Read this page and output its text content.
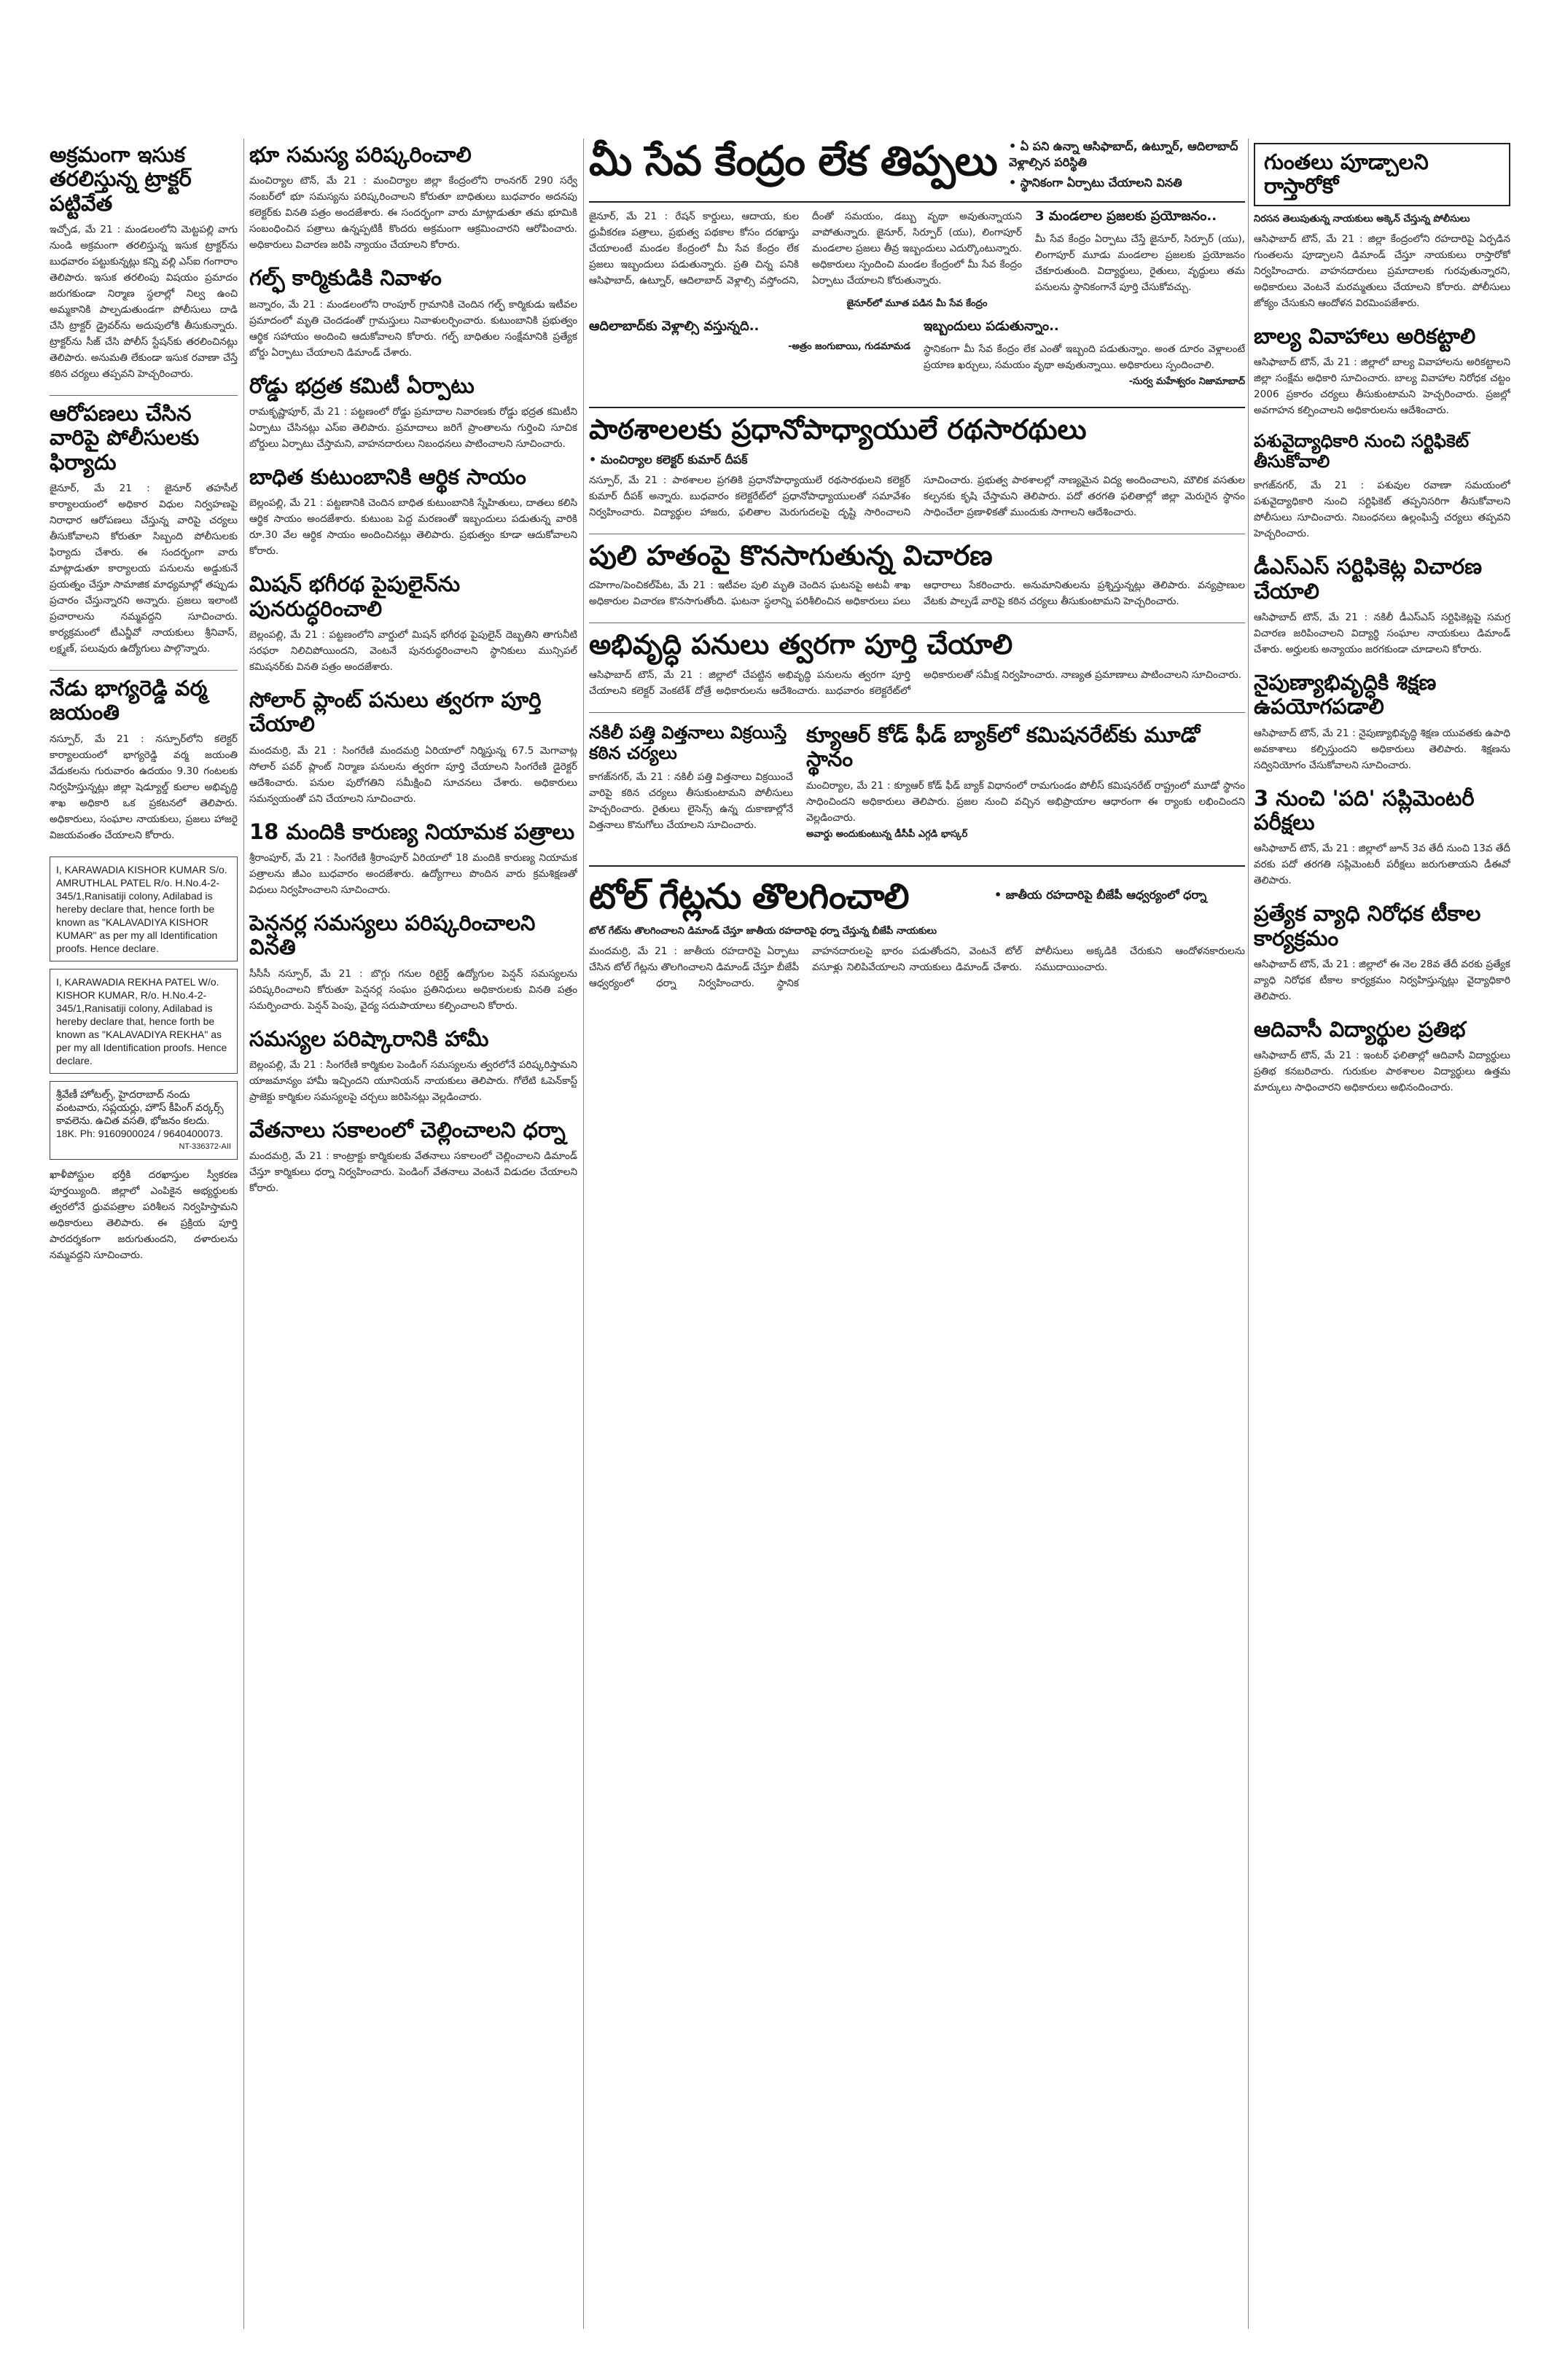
అక్రమంగా ఇసుక తరలిస్తున్న ట్రాక్టర్ పట్టివేత

ఇచ్చోడ, మే 21 : మండలంలోని మెట్టపల్లి వాగు నుండి అక్రమంగా తరలిస్తున్న ఇసుక ట్రాక్టర్‌ను బుధవారం పట్టుకున్నట్లు కన్ని వల్లి ఎస్ఐ గంగారాం తెలిపారు. ఇసుక తరలింపు విషయం ప్రమాదం జరుగకుండా నిర్మాణ స్థలాల్లో నిల్వ ఉంచి అమ్మకానికి పాల్పడుతుండగా పోలీసులు దాడి చేసి ట్రాక్టర్ డ్రైవర్‌ను అదుపులోకి తీసుకున్నారు. ట్రాక్టర్‌ను సీజ్ చేసి పోలీస్ స్టేషన్‌కు తరలించినట్లు తెలిపారు. అనుమతి లేకుండా ఇసుక రవాణా చేస్తే కఠిన చర్యలు తప్పవని హెచ్చరించారు.

ఆరోపణలు చేసిన వారిపై పోలీసులకు ఫిర్యాదు

జైనూర్, మే 21 : జైనూర్ తహసీల్ కార్యాలయంలో అధికార విధుల నిర్వహణపై నిరాధార ఆరోపణలు చేస్తున్న వారిపై చర్యలు తీసుకోవాలని కోరుతూ సిబ్బంది పోలీసులకు ఫిర్యాదు చేశారు. ఈ సందర్భంగా వారు మాట్లాడుతూ కార్యాలయ పనులను అడ్డుకునే ప్రయత్నం చేస్తూ సామాజిక మాధ్యమాల్లో తప్పుడు ప్రచారం చేస్తున్నారని అన్నారు. ప్రజలు ఇలాంటి ప్రచారాలను నమ్మవద్దని సూచించారు. కార్యక్రమంలో టీఎన్జీవో నాయకులు శ్రీనివాస్, లక్ష్మణ్, పలువురు ఉద్యోగులు పాల్గొన్నారు.

నేడు భాగ్యరెడ్డి వర్మ జయంతి

నస్పూర్, మే 21 : నస్పూర్‌లోని కలెక్టర్ కార్యాలయంలో భాగ్యరెడ్డి వర్మ జయంతి వేడుకలను గురువారం ఉదయం 9.30 గంటలకు నిర్వహిస్తున్నట్లు జిల్లా షెడ్యూల్డ్ కులాల అభివృద్ధి శాఖ అధికారి ఒక ప్రకటనలో తెలిపారు. అధికారులు, సంఘాల నాయకులు, ప్రజలు హాజరై విజయవంతం చేయాలని కోరారు.

I, KARAWADIA KISHOR KUMAR S/o. AMRUTHLAL PATEL R/o. H.No.4-2-345/1,Ranisatiji colony, Adilabad is hereby declare that, hence forth be known as "KALAVADIYA KISHOR KUMAR" as per my all Identification proofs. Hence declare.

I, KARAWADIA REKHA PATEL W/o. KISHOR KUMAR, R/o. H.No.4-2-345/1,Ranisatiji colony, Adilabad is hereby declare that, hence forth be known as "KALAVADIYA REKHA" as per my all Identification proofs. Hence declare.

శ్రీవేణీ హోటల్స్, హైదరాబాద్ నందు వంటవారు, సప్లయర్లు, హౌస్ కీపింగ్ వర్కర్స్ కావలెను. ఉచిత వసతి, భోజనం కలదు. 18K. Ph: 9160900024 / 9640400073.

NT-336372-AII

ఖాళీపోస్టుల భర్తీకి దరఖాస్తుల స్వీకరణ పూర్తయ్యింది. జిల్లాలో ఎంపికైన అభ్యర్థులకు త్వరలోనే ధ్రువపత్రాల పరిశీలన నిర్వహిస్తామని అధికారులు తెలిపారు. ఈ ప్రక్రియ పూర్తి పారదర్శకంగా జరుగుతుందని, దళారులను నమ్మవద్దని సూచించారు.

భూ సమస్య పరిష్కరించాలి

మంచిర్యాల టౌన్, మే 21 : మంచిర్యాల జిల్లా కేంద్రంలోని రాంనగర్ 290 సర్వే నంబర్‌లో భూ సమస్యను పరిష్కరించాలని కోరుతూ బాధితులు బుధవారం అదనపు కలెక్టర్‌కు వినతి పత్రం అందజేశారు. ఈ సందర్భంగా వారు మాట్లాడుతూ తమ భూమికి సంబంధించిన పత్రాలు ఉన్నప్పటికీ కొందరు అక్రమంగా ఆక్రమించారని ఆరోపించారు. అధికారులు విచారణ జరిపి న్యాయం చేయాలని కోరారు.

గల్ఫ్ కార్మికుడికి నివాళం

జన్నారం, మే 21 : మండలంలోని రాంపూర్ గ్రామానికి చెందిన గల్ఫ్ కార్మికుడు ఇటీవల ప్రమాదంలో మృతి చెందడంతో గ్రామస్తులు నివాళులర్పించారు. కుటుంబానికి ప్రభుత్వం ఆర్థిక సహాయం అందించి ఆదుకోవాలని కోరారు. గల్ఫ్ బాధితుల సంక్షేమానికి ప్రత్యేక బోర్డు ఏర్పాటు చేయాలని డిమాండ్ చేశారు.

రోడ్డు భద్రత కమిటీ ఏర్పాటు

రామకృష్ణాపూర్, మే 21 : పట్టణంలో రోడ్డు ప్రమాదాల నివారణకు రోడ్డు భద్రత కమిటీని ఏర్పాటు చేసినట్లు ఎస్ఐ తెలిపారు. ప్రమాదాలు జరిగే ప్రాంతాలను గుర్తించి సూచిక బోర్డులు ఏర్పాటు చేస్తామని, వాహనదారులు నిబంధనలు పాటించాలని సూచించారు.

బాధిత కుటుంబానికి ఆర్థిక సాయం

బెల్లంపల్లి, మే 21 : పట్టణానికి చెందిన బాధిత కుటుంబానికి స్నేహితులు, దాతలు కలిసి ఆర్థిక సాయం అందజేశారు. కుటుంబ పెద్ద మరణంతో ఇబ్బందులు పడుతున్న వారికి రూ.30 వేల ఆర్థిక సాయం అందించినట్లు తెలిపారు. ప్రభుత్వం కూడా ఆదుకోవాలని కోరారు.

మిషన్ భగీరథ పైపులైన్‌ను పునరుద్ధరించాలి

బెల్లంపల్లి, మే 21 : పట్టణంలోని వార్డులో మిషన్ భగీరథ పైపులైన్ దెబ్బతిని తాగునీటి సరఫరా నిలిచిపోయిందని, వెంటనే పునరుద్ధరించాలని స్థానికులు మున్సిపల్ కమిషనర్‌కు వినతి పత్రం అందజేశారు.

సోలార్ ప్లాంట్ పనులు త్వరగా పూర్తి చేయాలి

మందమర్రి, మే 21 : సింగరేణి మందమర్రి ఏరియాలో నిర్మిస్తున్న 67.5 మెగావాట్ల సోలార్ పవర్ ప్లాంట్ నిర్మాణ పనులను త్వరగా పూర్తి చేయాలని సింగరేణి డైరెక్టర్ ఆదేశించారు. పనుల పురోగతిని సమీక్షించి సూచనలు చేశారు. అధికారులు సమన్వయంతో పని చేయాలని సూచించారు.

18 మందికి కారుణ్య నియామక పత్రాలు

శ్రీరాంపూర్, మే 21 : సింగరేణి శ్రీరాంపూర్ ఏరియాలో 18 మందికి కారుణ్య నియామక పత్రాలను జీఎం బుధవారం అందజేశారు. ఉద్యోగాలు పొందిన వారు క్రమశిక్షణతో విధులు నిర్వహించాలని సూచించారు.

పెన్షనర్ల సమస్యలు పరిష్కరించాలని వినతి

సీసీసీ నస్పూర్, మే 21 : బొగ్గు గనుల రిటైర్డ్ ఉద్యోగుల పెన్షన్ సమస్యలను పరిష్కరించాలని కోరుతూ పెన్షనర్ల సంఘం ప్రతినిధులు అధికారులకు వినతి పత్రం సమర్పించారు. పెన్షన్ పెంపు, వైద్య సదుపాయాలు కల్పించాలని కోరారు.

సమస్యల పరిష్కారానికి హామీ

బెల్లంపల్లి, మే 21 : సింగరేణి కార్మికుల పెండింగ్ సమస్యలను త్వరలోనే పరిష్కరిస్తామని యాజమాన్యం హామీ ఇచ్చిందని యూనియన్ నాయకులు తెలిపారు. గోలేటి ఓపెన్‌కాస్ట్ ప్రాజెక్టు కార్మికుల సమస్యలపై చర్చలు జరిపినట్లు వెల్లడించారు.

వేతనాలు సకాలంలో చెల్లించాలని ధర్నా

మందమర్రి, మే 21 : కాంట్రాక్టు కార్మికులకు వేతనాలు సకాలంలో చెల్లించాలని డిమాండ్ చేస్తూ కార్మికులు ధర్నా నిర్వహించారు. పెండింగ్ వేతనాలు వెంటనే విడుదల చేయాలని కోరారు.

మీ సేవ కేంద్రం లేక తిప్పలు • ఏ పని ఉన్నా ఆసిఫాబాద్, ఉట్నూర్, ఆదిలాబాద్ వెళ్లాల్సిన పరిస్థితి

• స్థానికంగా ఏర్పాటు చేయాలని వినతి

జైనూర్, మే 21 : రేషన్ కార్డులు, ఆదాయ, కుల ధ్రువీకరణ పత్రాలు, ప్రభుత్వ పథకాల కోసం దరఖాస్తు చేయాలంటే మండల కేంద్రంలో మీ సేవ కేంద్రం లేక ప్రజలు ఇబ్బందులు పడుతున్నారు. ప్రతి చిన్న పనికి ఆసిఫాబాద్, ఉట్నూర్, ఆదిలాబాద్ వెళ్లాల్సి వస్తోందని, దీంతో సమయం, డబ్బు వృథా అవుతున్నాయని వాపోతున్నారు. జైనూర్, సిర్పూర్ (యు), లింగాపూర్ మండలాల ప్రజలు తీవ్ర ఇబ్బందులు ఎదుర్కొంటున్నారు. అధికారులు స్పందించి మండల కేంద్రంలో మీ సేవ కేంద్రం ఏర్పాటు చేయాలని కోరుతున్నారు.

3 మండలాల ప్రజలకు ప్రయోజనం..

మీ సేవ కేంద్రం ఏర్పాటు చేస్తే జైనూర్, సిర్పూర్ (యు), లింగాపూర్ మూడు మండలాల ప్రజలకు ప్రయోజనం చేకూరుతుంది. విద్యార్థులు, రైతులు, వృద్ధులు తమ పనులను స్థానికంగానే పూర్తి చేసుకోవచ్చు.

జైనూర్‌లో మూత పడిన మీ సేవ కేంద్రం

ఆదిలాబాద్‌కు వెళ్లాల్సి వస్తున్నది..

-అత్రం జంగుబాయి, గుడమామడ

ఇబ్బందులు పడుతున్నాం..

స్థానికంగా మీ సేవ కేంద్రం లేక ఎంతో ఇబ్బంది పడుతున్నాం. అంత దూరం వెళ్లాలంటే ప్రయాణ ఖర్చులు, సమయం వృథా అవుతున్నాయి. అధికారులు స్పందించాలి.

-సుర్వ మహేశ్వరం నిజామాబాద్

పాఠశాలలకు ప్రధానోపాధ్యాయులే రథసారథులు

• మంచిర్యాల కలెక్టర్ కుమార్ దీపక్

నస్పూర్, మే 21 : పాఠశాలల ప్రగతికి ప్రధానోపాధ్యాయులే రథసారథులని కలెక్టర్ కుమార్ దీపక్ అన్నారు. బుధవారం కలెక్టరేట్‌లో ప్రధానోపాధ్యాయులతో సమావేశం నిర్వహించారు. విద్యార్థుల హాజరు, ఫలితాల మెరుగుదలపై దృష్టి సారించాలని సూచించారు. ప్రభుత్వ పాఠశాలల్లో నాణ్యమైన విద్య అందించాలని, మౌలిక వసతుల కల్పనకు కృషి చేస్తామని తెలిపారు. పదో తరగతి ఫలితాల్లో జిల్లా మెరుగైన స్థానం సాధించేలా ప్రణాళికతో ముందుకు సాగాలని ఆదేశించారు.

పులి హతంపై కొనసాగుతున్న విచారణ

దహెగాం/పెంచికల్‌పేట, మే 21 : ఇటీవల పులి మృతి చెందిన ఘటనపై అటవీ శాఖ అధికారుల విచారణ కొనసాగుతోంది. ఘటనా స్థలాన్ని పరిశీలించిన అధికారులు పలు ఆధారాలు సేకరించారు. అనుమానితులను ప్రశ్నిస్తున్నట్లు తెలిపారు. వన్యప్రాణుల వేటకు పాల్పడే వారిపై కఠిన చర్యలు తీసుకుంటామని హెచ్చరించారు.

అభివృద్ధి పనులు త్వరగా పూర్తి చేయాలి

ఆసిఫాబాద్ టౌన్, మే 21 : జిల్లాలో చేపట్టిన అభివృద్ధి పనులను త్వరగా పూర్తి చేయాలని కలెక్టర్ వెంకటేశ్ దోత్రే అధికారులను ఆదేశించారు. బుధవారం కలెక్టరేట్‌లో అధికారులతో సమీక్ష నిర్వహించారు. నాణ్యత ప్రమాణాలు పాటించాలని సూచించారు.

నకిలీ పత్తి విత్తనాలు విక్రయిస్తే కఠిన చర్యలు

కాగజ్‌నగర్, మే 21 : నకిలీ పత్తి విత్తనాలు విక్రయించే వారిపై కఠిన చర్యలు తీసుకుంటామని పోలీసులు హెచ్చరించారు. రైతులు లైసెన్స్ ఉన్న దుకాణాల్లోనే విత్తనాలు కొనుగోలు చేయాలని సూచించారు.

క్యూఆర్ కోడ్ ఫీడ్ బ్యాక్‌లో కమిషనరేట్‌కు మూడో స్థానం

మంచిర్యాల, మే 21 : క్యూఆర్ కోడ్ ఫీడ్ బ్యాక్ విధానంలో రామగుండం పోలీస్ కమిషనరేట్ రాష్ట్రంలో మూడో స్థానం సాధించిందని అధికారులు తెలిపారు. ప్రజల నుంచి వచ్చిన అభిప్రాయాల ఆధారంగా ఈ ర్యాంకు లభించిందని వెల్లడించారు.

అవార్డు అందుకుంటున్న డీసీపీ ఎగ్గడి భాస్కర్

టోల్ గేట్లను తొలగించాలి	• జాతీయ రహదారిపై బీజేపీ ఆధ్వర్యంలో ధర్నా

టోల్ గేట్‌ను తొలగించాలని డిమాండ్ చేస్తూ జాతీయ రహదారిపై ధర్నా చేస్తున్న బీజేపీ నాయకులు

మందమర్రి, మే 21 : జాతీయ రహదారిపై ఏర్పాటు చేసిన టోల్ గేట్లను తొలగించాలని డిమాండ్ చేస్తూ బీజేపీ ఆధ్వర్యంలో ధర్నా నిర్వహించారు. స్థానిక వాహనదారులపై భారం పడుతోందని, వెంటనే టోల్ వసూళ్లు నిలిపివేయాలని నాయకులు డిమాండ్ చేశారు. పోలీసులు అక్కడికి చేరుకుని ఆందోళనకారులను సముదాయించారు.

గుంతలు పూడ్చాలని రాస్తారోకో

నిరసన తెలుపుతున్న నాయకులు అక్కెన్ చేస్తున్న పోలీసులు

ఆసిఫాబాద్ టౌన్, మే 21 : జిల్లా కేంద్రంలోని రహదారిపై ఏర్పడిన గుంతలను పూడ్చాలని డిమాండ్ చేస్తూ నాయకులు రాస్తారోకో నిర్వహించారు. వాహనదారులు ప్రమాదాలకు గురవుతున్నారని, అధికారులు వెంటనే మరమ్మతులు చేయాలని కోరారు. పోలీసులు జోక్యం చేసుకుని ఆందోళన విరమింపజేశారు.

బాల్య వివాహాలు అరికట్టాలి

ఆసిఫాబాద్ టౌన్, మే 21 : జిల్లాలో బాల్య వివాహాలను అరికట్టాలని జిల్లా సంక్షేమ అధికారి సూచించారు. బాల్య వివాహాల నిరోధక చట్టం 2006 ప్రకారం చర్యలు తీసుకుంటామని హెచ్చరించారు. ప్రజల్లో అవగాహన కల్పించాలని అధికారులను ఆదేశించారు.

పశువైద్యాధికారి నుంచి సర్టిఫికెట్ తీసుకోవాలి

కాగజ్‌నగర్, మే 21 : పశువుల రవాణా సమయంలో పశువైద్యాధికారి నుంచి సర్టిఫికెట్ తప్పనిసరిగా తీసుకోవాలని పోలీసులు సూచించారు. నిబంధనలు ఉల్లంఘిస్తే చర్యలు తప్పవని హెచ్చరించారు.

డీఎస్ఎస్ సర్టిఫికెట్ల విచారణ చేయాలి

ఆసిఫాబాద్ టౌన్, మే 21 : నకిలీ డీఎస్ఎస్ సర్టిఫికెట్లపై సమగ్ర విచారణ జరిపించాలని విద్యార్థి సంఘాల నాయకులు డిమాండ్ చేశారు. అర్హులకు అన్యాయం జరగకుండా చూడాలని కోరారు.

నైపుణ్యాభివృద్ధికి శిక్షణ ఉపయోగపడాలి

ఆసిఫాబాద్ టౌన్, మే 21 : నైపుణ్యాభివృద్ధి శిక్షణ యువతకు ఉపాధి అవకాశాలు కల్పిస్తుందని అధికారులు తెలిపారు. శిక్షణను సద్వినియోగం చేసుకోవాలని సూచించారు.

3 నుంచి 'పది' సప్లిమెంటరీ పరీక్షలు

ఆసిఫాబాద్ టౌన్, మే 21 : జిల్లాలో జూన్ 3వ తేదీ నుంచి 13వ తేదీ వరకు పదో తరగతి సప్లిమెంటరీ పరీక్షలు జరుగుతాయని డీఈవో తెలిపారు.

ప్రత్యేక వ్యాధి నిరోధక టీకాల కార్యక్రమం

ఆసిఫాబాద్ టౌన్, మే 21 : జిల్లాలో ఈ నెల 28వ తేదీ వరకు ప్రత్యేక వ్యాధి నిరోధక టీకాల కార్యక్రమం నిర్వహిస్తున్నట్లు వైద్యాధికారి తెలిపారు.

ఆదివాసీ విద్యార్థుల ప్రతిభ

ఆసిఫాబాద్ టౌన్, మే 21 : ఇంటర్ ఫలితాల్లో ఆదివాసీ విద్యార్థులు ప్రతిభ కనబరిచారు. గురుకుల పాఠశాలల విద్యార్థులు ఉత్తమ మార్కులు సాధించారని అధికారులు అభినందించారు.
